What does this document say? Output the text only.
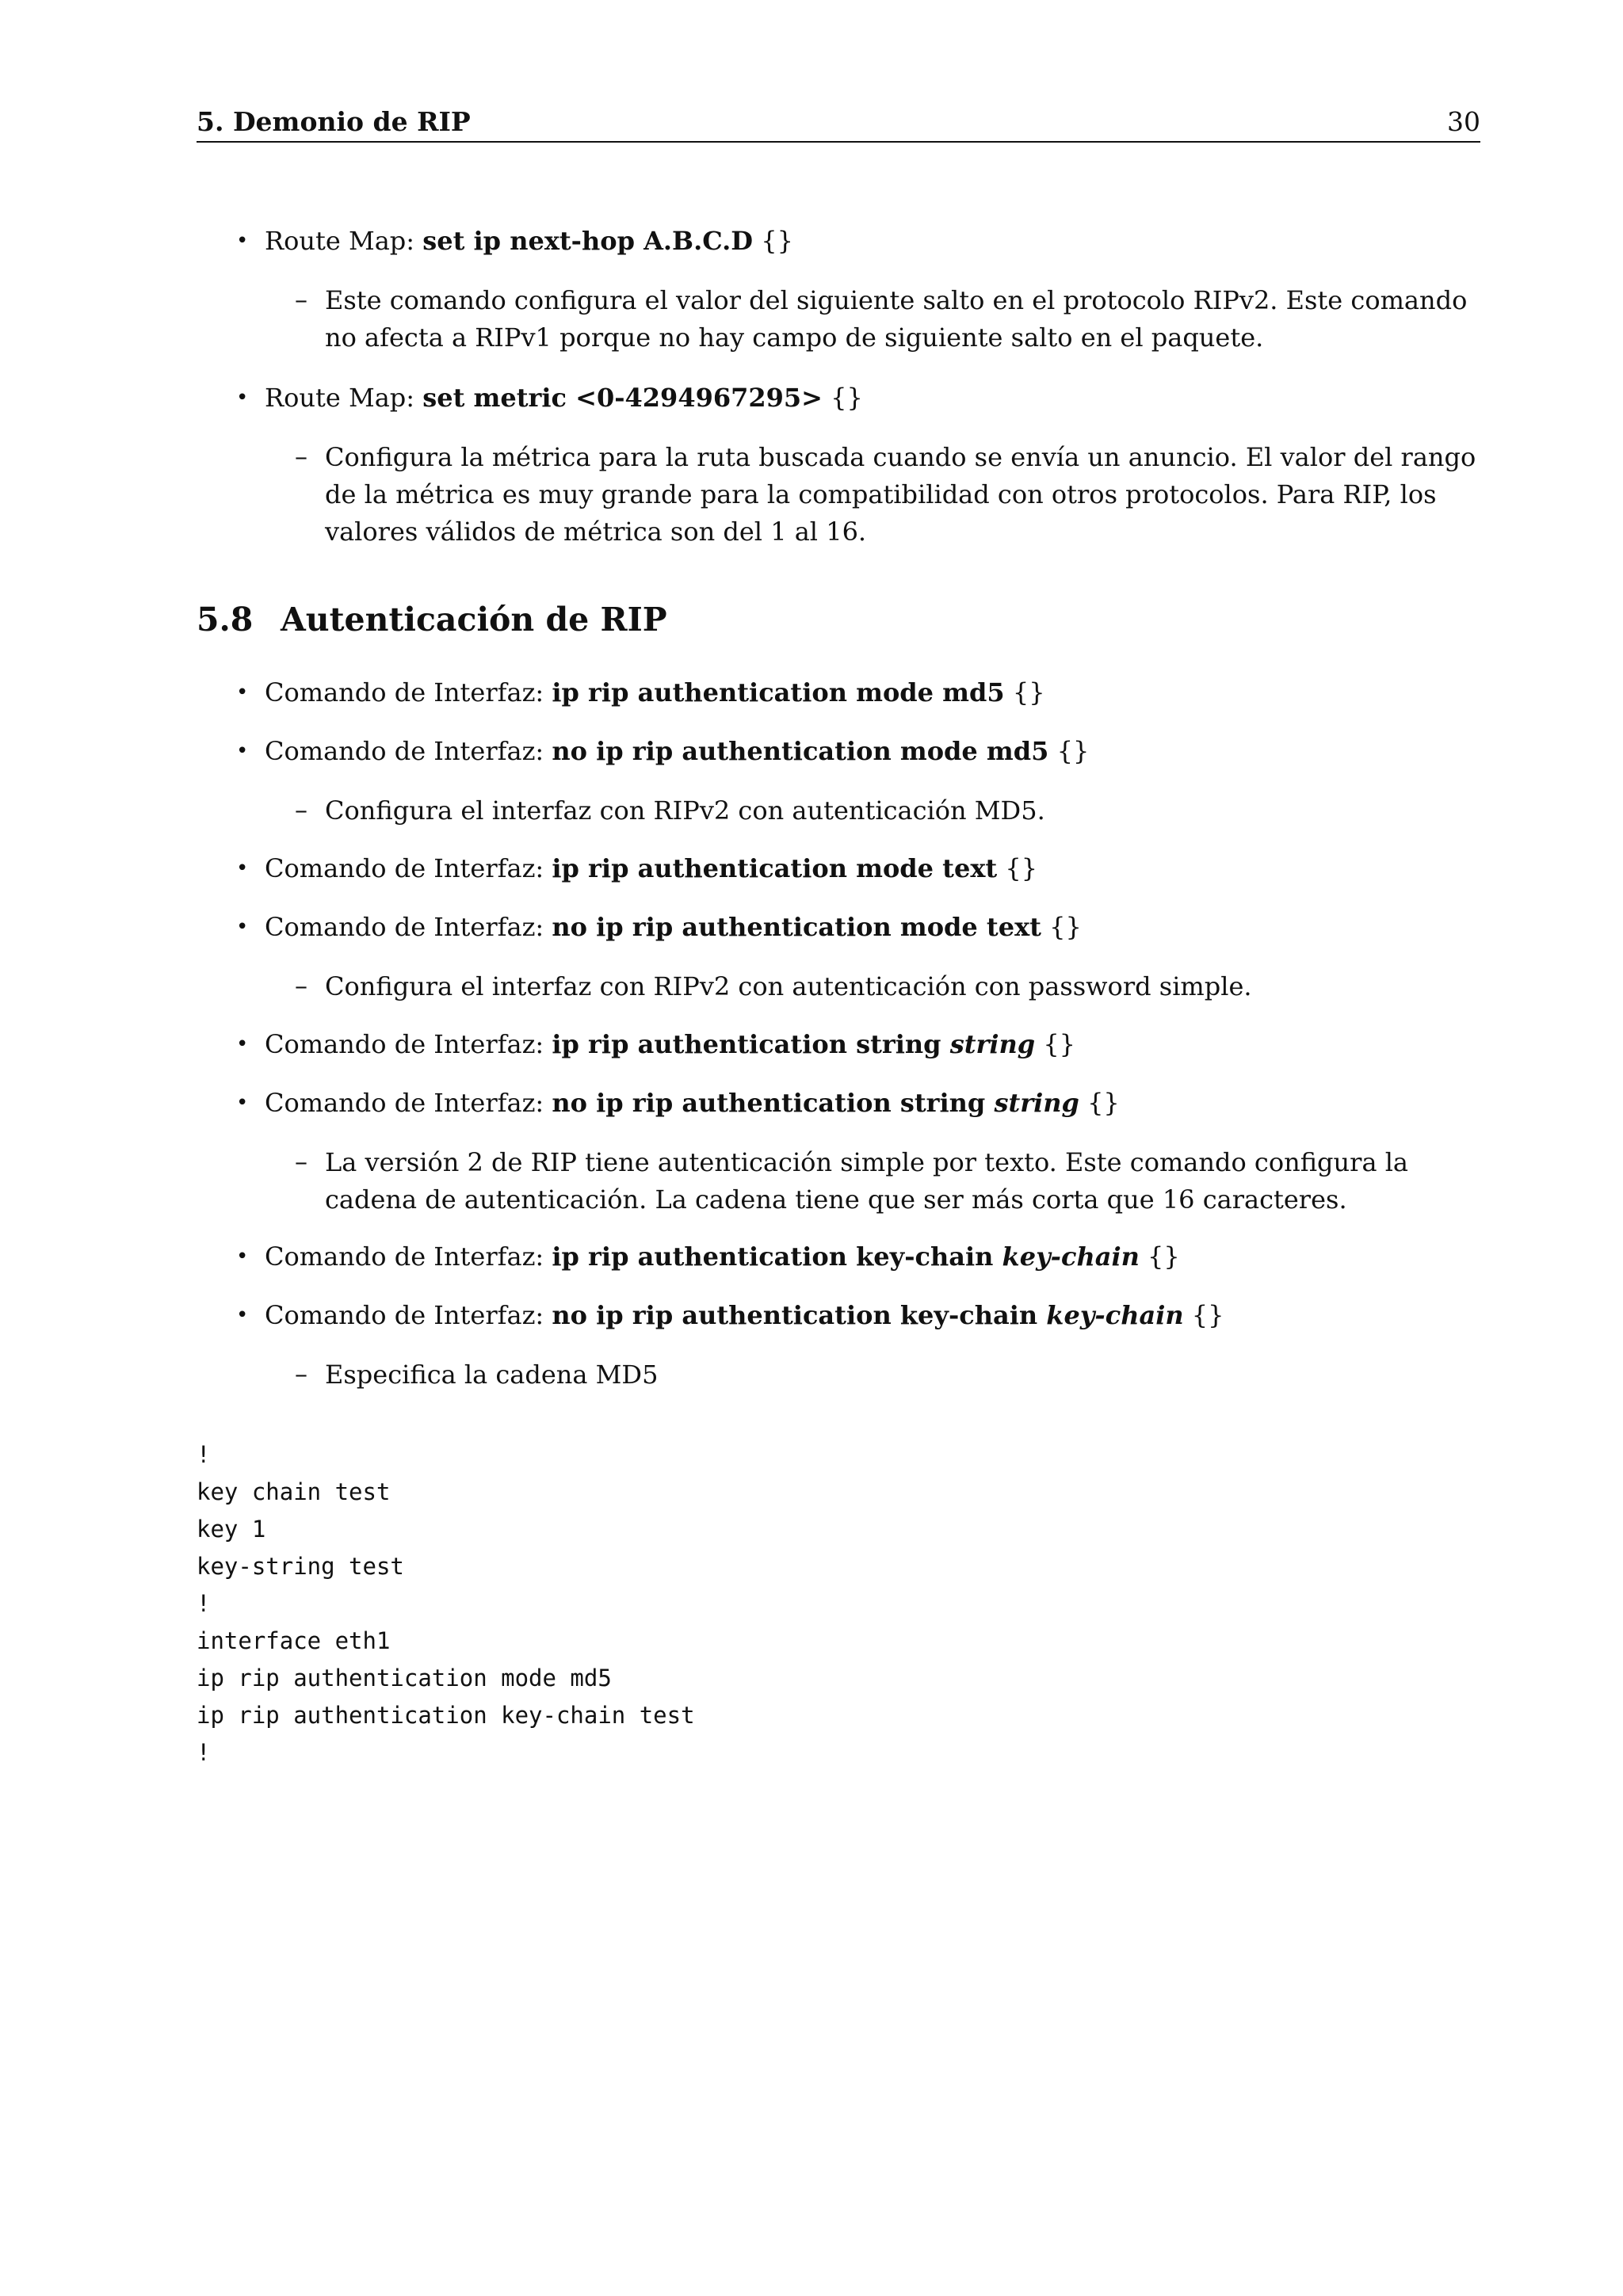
5. Demonio de RIP	30
• Route Map: set ip next-hop A.B.C.D {}
– Este comando configura el valor del siguiente salto en el protocolo RIPv2. Este comando no afecta a RIPv1 porque no hay campo de siguiente salto en el paquete.
• Route Map: set metric <0-4294967295> {}
– Configura la métrica para la ruta buscada cuando se envía un anuncio. El valor del rango de la métrica es muy grande para la compatibilidad con otros protocolos. Para RIP, los valores válidos de métrica son del 1 al 16.
5.8 Autenticación de RIP
• Comando de Interfaz: ip rip authentication mode md5 {}
• Comando de Interfaz: no ip rip authentication mode md5 {}
– Configura el interfaz con RIPv2 con autenticación MD5.
• Comando de Interfaz: ip rip authentication mode text {}
• Comando de Interfaz: no ip rip authentication mode text {}
– Configura el interfaz con RIPv2 con autenticación con password simple.
• Comando de Interfaz: ip rip authentication string string {}
• Comando de Interfaz: no ip rip authentication string string {}
– La versión 2 de RIP tiene autenticación simple por texto. Este comando configura la cadena de autenticación. La cadena tiene que ser más corta que 16 caracteres.
• Comando de Interfaz: ip rip authentication key-chain key-chain {}
• Comando de Interfaz: no ip rip authentication key-chain key-chain {}
– Especifica la cadena MD5
!
key chain test
key 1
key-string test
!
interface eth1
ip rip authentication mode md5
ip rip authentication key-chain test
!
